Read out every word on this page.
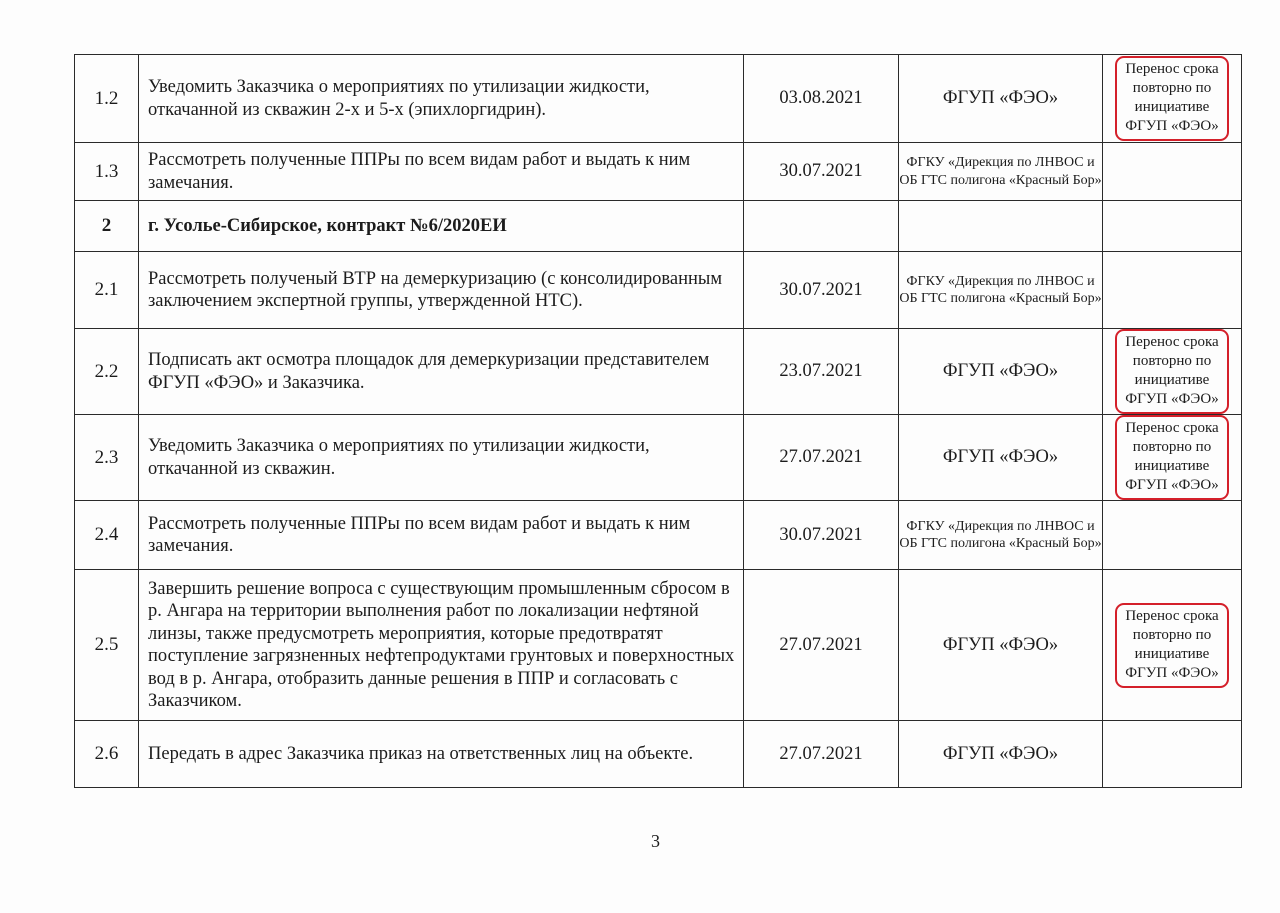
1.2	Уведомить Заказчика о мероприятиях по утилизации жидкости, откачанной из скважин 2-х и 5-х (эпихлоргидрин).	03.08.2021	ФГУП «ФЭО»	Перенос срока повторно по инициативе ФГУП «ФЭО»
1.3	Рассмотреть полученные ППРы по всем видам работ и выдать к ним замечания.	30.07.2021	ФГКУ «Дирекция по ЛНВОС и ОБ ГТС полигона «Красный Бор»	
2	г. Усолье-Сибирское, контракт №6/2020ЕИ			
2.1	Рассмотреть полученый ВТР на демеркуризацию (с консолидированным заключением экспертной группы, утвержденной НТС).	30.07.2021	ФГКУ «Дирекция по ЛНВОС и ОБ ГТС полигона «Красный Бор»	
2.2	Подписать акт осмотра площадок для демеркуризации представителем ФГУП «ФЭО» и Заказчика.	23.07.2021	ФГУП «ФЭО»	Перенос срока повторно по инициативе ФГУП «ФЭО»
2.3	Уведомить Заказчика о мероприятиях по утилизации жидкости, откачанной из скважин.	27.07.2021	ФГУП «ФЭО»	Перенос срока повторно по инициативе ФГУП «ФЭО»
2.4	Рассмотреть полученные ППРы по всем видам работ и выдать к ним замечания.	30.07.2021	ФГКУ «Дирекция по ЛНВОС и ОБ ГТС полигона «Красный Бор»	
2.5	Завершить решение вопроса с существующим промышленным сбросом в р. Ангара на территории выполнения работ по локализации нефтяной линзы, также предусмотреть мероприятия, которые предотвратят поступление загрязненных нефтепродуктами грунтовых и поверхностных вод в р. Ангара, отобразить данные решения в ППР и согласовать с Заказчиком.	27.07.2021	ФГУП «ФЭО»	Перенос срока повторно по инициативе ФГУП «ФЭО»
2.6	Передать в адрес Заказчика приказ на ответственных лиц на объекте.	27.07.2021	ФГУП «ФЭО»	
3
